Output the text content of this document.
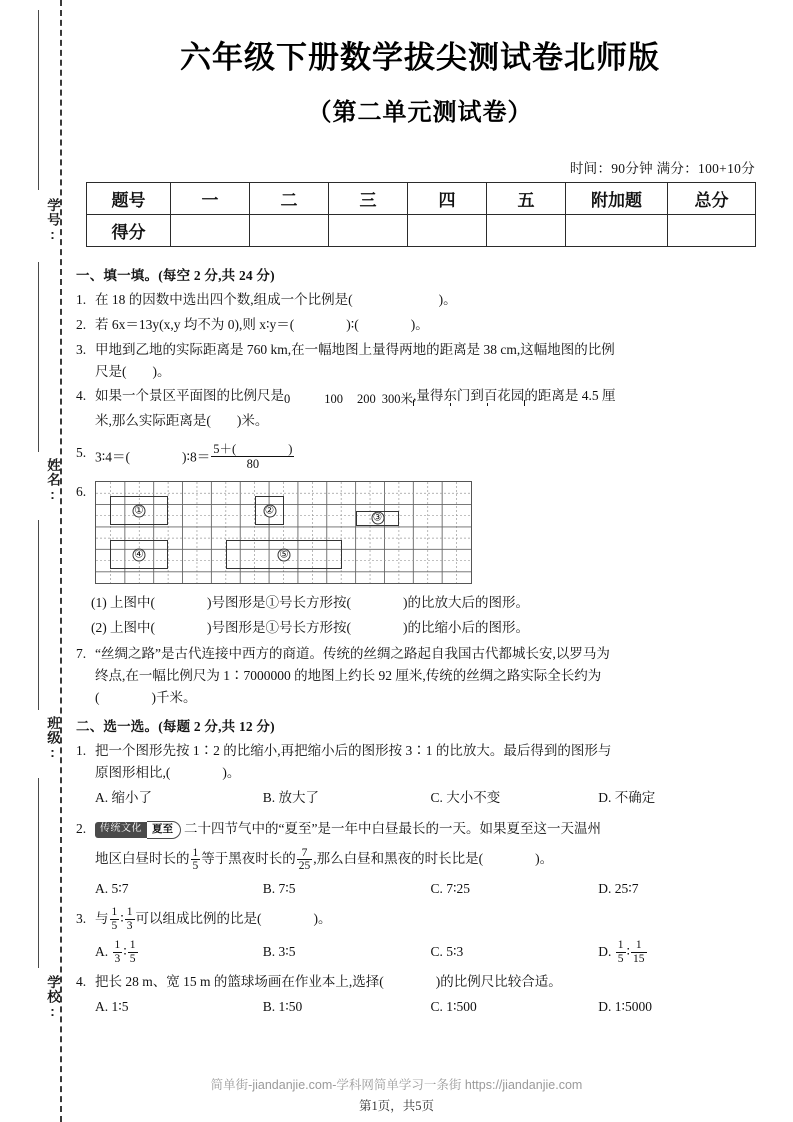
学号:
姓名:
班级:
学校:
六年级下册数学拔尖测试卷北师版
（第二单元测试卷）
时间：90分钟 满分：100+10分
题号	一	二	三	四	五	附加题	总分
得分							
一、填一填。(每空 2 分,共 24 分)
1. 在 18 的因数中选出四个数,组成一个比例是(	)。
2. 若 6x＝13y(x,y 均不为 0),则 x∶y＝(	)∶(	)。
3. 甲地到乙地的实际距离是 760 km,在一幅地图上量得两地的距离是 38 cm,这幅地图的比例
尺是( )。
4. 如果一个景区平面图的比例尺是0	100 200 300米
,量得东门到百花园的距离是 4.5 厘
米,那么实际距离是( )米。
5. 3∶4＝(	)∶8＝ 5＋(	)
80
6.
①	②
③
④	⑤
(1) 上图中(	)号图形是①号长方形按(	)的比放大后的图形。
(2) 上图中(	)号图形是①号长方形按(	)的比缩小后的图形。
7. “丝绸之路”是古代连接中西方的商道。传统的丝绸之路起自我国古代都城长安,以罗马为
终点,在一幅比例尺为 1∶7000000 的地图上约长 92 厘米,传统的丝绸之路实际全长约为
(	)千米。
二、选一选。(每题 2 分,共 12 分)
1. 把一个图形先按 1∶2 的比缩小,再把缩小后的图形按 3∶1 的比放大。最后得到的图形与
原图形相比,(	)。
A. 缩小了	B. 放大了	C. 大小不变	D. 不确定
2.	传统文化 夏至 二十四节气中的“夏至”是一年中白昼最长的一天。如果夏至这一天温州
地区白昼时长的 $\frac{1}{5}$ 等于黑夜时长的 $\frac{7}{25}$ ,那么白昼和黑夜的时长比是(	)。
A. 5∶7	B. 7∶5	C. 7∶25	D. 25∶7
3. 与 $\frac{1}{5}$ ∶ $\frac{1}{3}$ 可以组成比例的比是(	)。
A. $\frac{1}{3}$ ∶ $\frac{1}{5}$	B. 3∶5	C. 5∶3	D. $\frac{1}{5}$ ∶ $\frac{1}{15}$
4. 把长 28 m、宽 15 m 的篮球场画在作业本上,选择(	)的比例尺比较合适。
A. 1∶5	B. 1∶50	C. 1∶500	D. 1∶5000
简单街-jiandanjie.com-学科网简单学习一条街 https://jiandanjie.com
第1页，共5页
